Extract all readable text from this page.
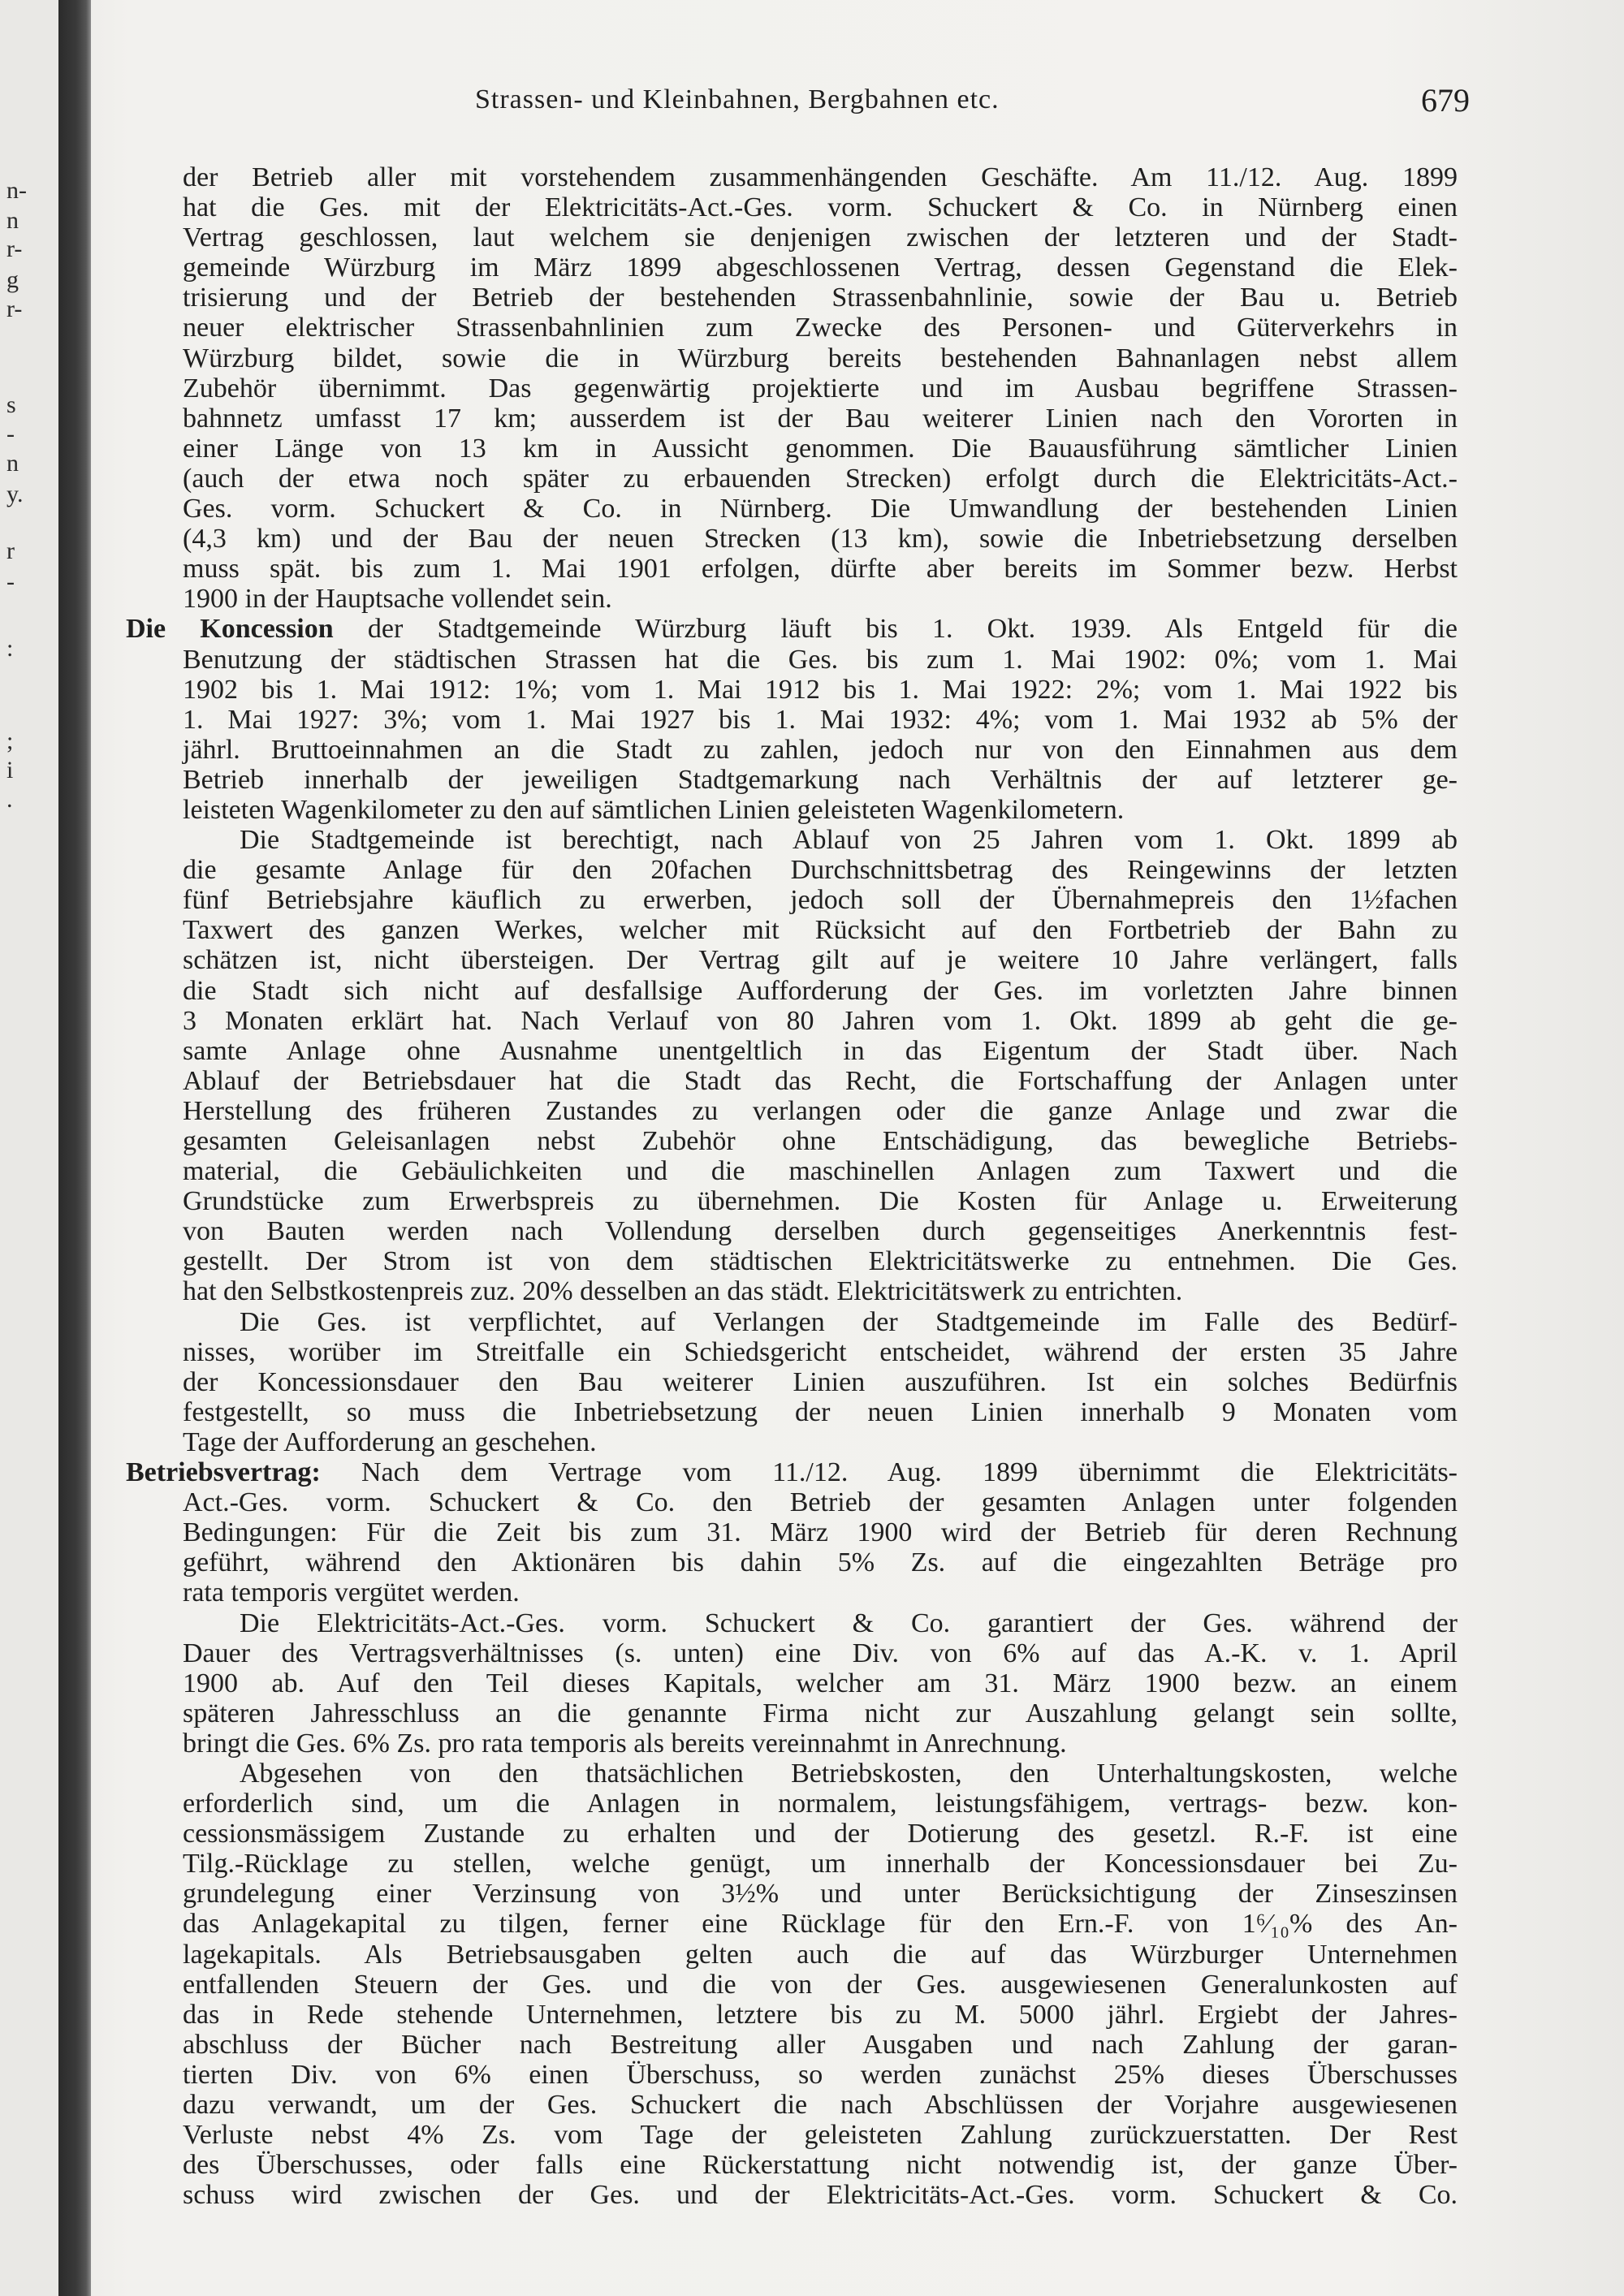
n-
n
r-
g
r-
s
-
n
y.
r
-
:
;
i
.
Strassen- und Kleinbahnen, Bergbahnen etc.	679
der Betrieb aller mit vorstehendem zusammenhängenden Geschäfte. Am 11./12. Aug. 1899
hat die Ges. mit der Elektricitäts-Act.-Ges. vorm. Schuckert & Co. in Nürnberg einen
Vertrag geschlossen, laut welchem sie denjenigen zwischen der letzteren und der Stadt-
gemeinde Würzburg im März 1899 abgeschlossenen Vertrag, dessen Gegenstand die Elek-
trisierung und der Betrieb der bestehenden Strassenbahnlinie, sowie der Bau u. Betrieb
neuer elektrischer Strassenbahnlinien zum Zwecke des Personen- und Güterverkehrs in
Würzburg bildet, sowie die in Würzburg bereits bestehenden Bahnanlagen nebst allem
Zubehör übernimmt. Das gegenwärtig projektierte und im Ausbau begriffene Strassen-
bahnnetz umfasst 17 km; ausserdem ist der Bau weiterer Linien nach den Vororten in
einer Länge von 13 km in Aussicht genommen. Die Bauausführung sämtlicher Linien
(auch der etwa noch später zu erbauenden Strecken) erfolgt durch die Elektricitäts-Act.-
Ges. vorm. Schuckert & Co. in Nürnberg. Die Umwandlung der bestehenden Linien
(4,3 km) und der Bau der neuen Strecken (13 km), sowie die Inbetriebsetzung derselben
muss spät. bis zum 1. Mai 1901 erfolgen, dürfte aber bereits im Sommer bezw. Herbst
1900 in der Hauptsache vollendet sein.
Die Koncession der Stadtgemeinde Würzburg läuft bis 1. Okt. 1939. Als Entgeld für die
Benutzung der städtischen Strassen hat die Ges. bis zum 1. Mai 1902: 0%; vom 1. Mai
1902 bis 1. Mai 1912: 1%; vom 1. Mai 1912 bis 1. Mai 1922: 2%; vom 1. Mai 1922 bis
1. Mai 1927: 3%; vom 1. Mai 1927 bis 1. Mai 1932: 4%; vom 1. Mai 1932 ab 5% der
jährl. Bruttoeinnahmen an die Stadt zu zahlen, jedoch nur von den Einnahmen aus dem
Betrieb innerhalb der jeweiligen Stadtgemarkung nach Verhältnis der auf letzterer ge-
leisteten Wagenkilometer zu den auf sämtlichen Linien geleisteten Wagenkilometern.
Die Stadtgemeinde ist berechtigt, nach Ablauf von 25 Jahren vom 1. Okt. 1899 ab
die gesamte Anlage für den 20fachen Durchschnittsbetrag des Reingewinns der letzten
fünf Betriebsjahre käuflich zu erwerben, jedoch soll der Übernahmepreis den 1½fachen
Taxwert des ganzen Werkes, welcher mit Rücksicht auf den Fortbetrieb der Bahn zu
schätzen ist, nicht übersteigen. Der Vertrag gilt auf je weitere 10 Jahre verlängert, falls
die Stadt sich nicht auf desfallsige Aufforderung der Ges. im vorletzten Jahre binnen
3 Monaten erklärt hat. Nach Verlauf von 80 Jahren vom 1. Okt. 1899 ab geht die ge-
samte Anlage ohne Ausnahme unentgeltlich in das Eigentum der Stadt über. Nach
Ablauf der Betriebsdauer hat die Stadt das Recht, die Fortschaffung der Anlagen unter
Herstellung des früheren Zustandes zu verlangen oder die ganze Anlage und zwar die
gesamten Geleisanlagen nebst Zubehör ohne Entschädigung, das bewegliche Betriebs-
material, die Gebäulichkeiten und die maschinellen Anlagen zum Taxwert und die
Grundstücke zum Erwerbspreis zu übernehmen. Die Kosten für Anlage u. Erweiterung
von Bauten werden nach Vollendung derselben durch gegenseitiges Anerkenntnis fest-
gestellt. Der Strom ist von dem städtischen Elektricitätswerke zu entnehmen. Die Ges.
hat den Selbstkostenpreis zuz. 20% desselben an das städt. Elektricitätswerk zu entrichten.
Die Ges. ist verpflichtet, auf Verlangen der Stadtgemeinde im Falle des Bedürf-
nisses, worüber im Streitfalle ein Schiedsgericht entscheidet, während der ersten 35 Jahre
der Koncessionsdauer den Bau weiterer Linien auszuführen. Ist ein solches Bedürfnis
festgestellt, so muss die Inbetriebsetzung der neuen Linien innerhalb 9 Monaten vom
Tage der Aufforderung an geschehen.
Betriebsvertrag: Nach dem Vertrage vom 11./12. Aug. 1899 übernimmt die Elektricitäts-
Act.-Ges. vorm. Schuckert & Co. den Betrieb der gesamten Anlagen unter folgenden
Bedingungen: Für die Zeit bis zum 31. März 1900 wird der Betrieb für deren Rechnung
geführt, während den Aktionären bis dahin 5% Zs. auf die eingezahlten Beträge pro
rata temporis vergütet werden.
Die Elektricitäts-Act.-Ges. vorm. Schuckert & Co. garantiert der Ges. während der
Dauer des Vertragsverhältnisses (s. unten) eine Div. von 6% auf das A.-K. v. 1. April
1900 ab. Auf den Teil dieses Kapitals, welcher am 31. März 1900 bezw. an einem
späteren Jahresschluss an die genannte Firma nicht zur Auszahlung gelangt sein sollte,
bringt die Ges. 6% Zs. pro rata temporis als bereits vereinnahmt in Anrechnung.
Abgesehen von den thatsächlichen Betriebskosten, den Unterhaltungskosten, welche
erforderlich sind, um die Anlagen in normalem, leistungsfähigem, vertrags- bezw. kon-
cessionsmässigem Zustande zu erhalten und der Dotierung des gesetzl. R.-F. ist eine
Tilg.-Rücklage zu stellen, welche genügt, um innerhalb der Koncessionsdauer bei Zu-
grundelegung einer Verzinsung von 3½% und unter Berücksichtigung der Zinseszinsen
das Anlagekapital zu tilgen, ferner eine Rücklage für den Ern.-F. von 1⁶⁄₁₀% des An-
lagekapitals. Als Betriebsausgaben gelten auch die auf das Würzburger Unternehmen
entfallenden Steuern der Ges. und die von der Ges. ausgewiesenen Generalunkosten auf
das in Rede stehende Unternehmen, letztere bis zu M. 5000 jährl. Ergiebt der Jahres-
abschluss der Bücher nach Bestreitung aller Ausgaben und nach Zahlung der garan-
tierten Div. von 6% einen Überschuss, so werden zunächst 25% dieses Überschusses
dazu verwandt, um der Ges. Schuckert die nach Abschlüssen der Vorjahre ausgewiesenen
Verluste nebst 4% Zs. vom Tage der geleisteten Zahlung zurückzuerstatten. Der Rest
des Überschusses, oder falls eine Rückerstattung nicht notwendig ist, der ganze Über-
schuss wird zwischen der Ges. und der Elektricitäts-Act.-Ges. vorm. Schuckert & Co.
